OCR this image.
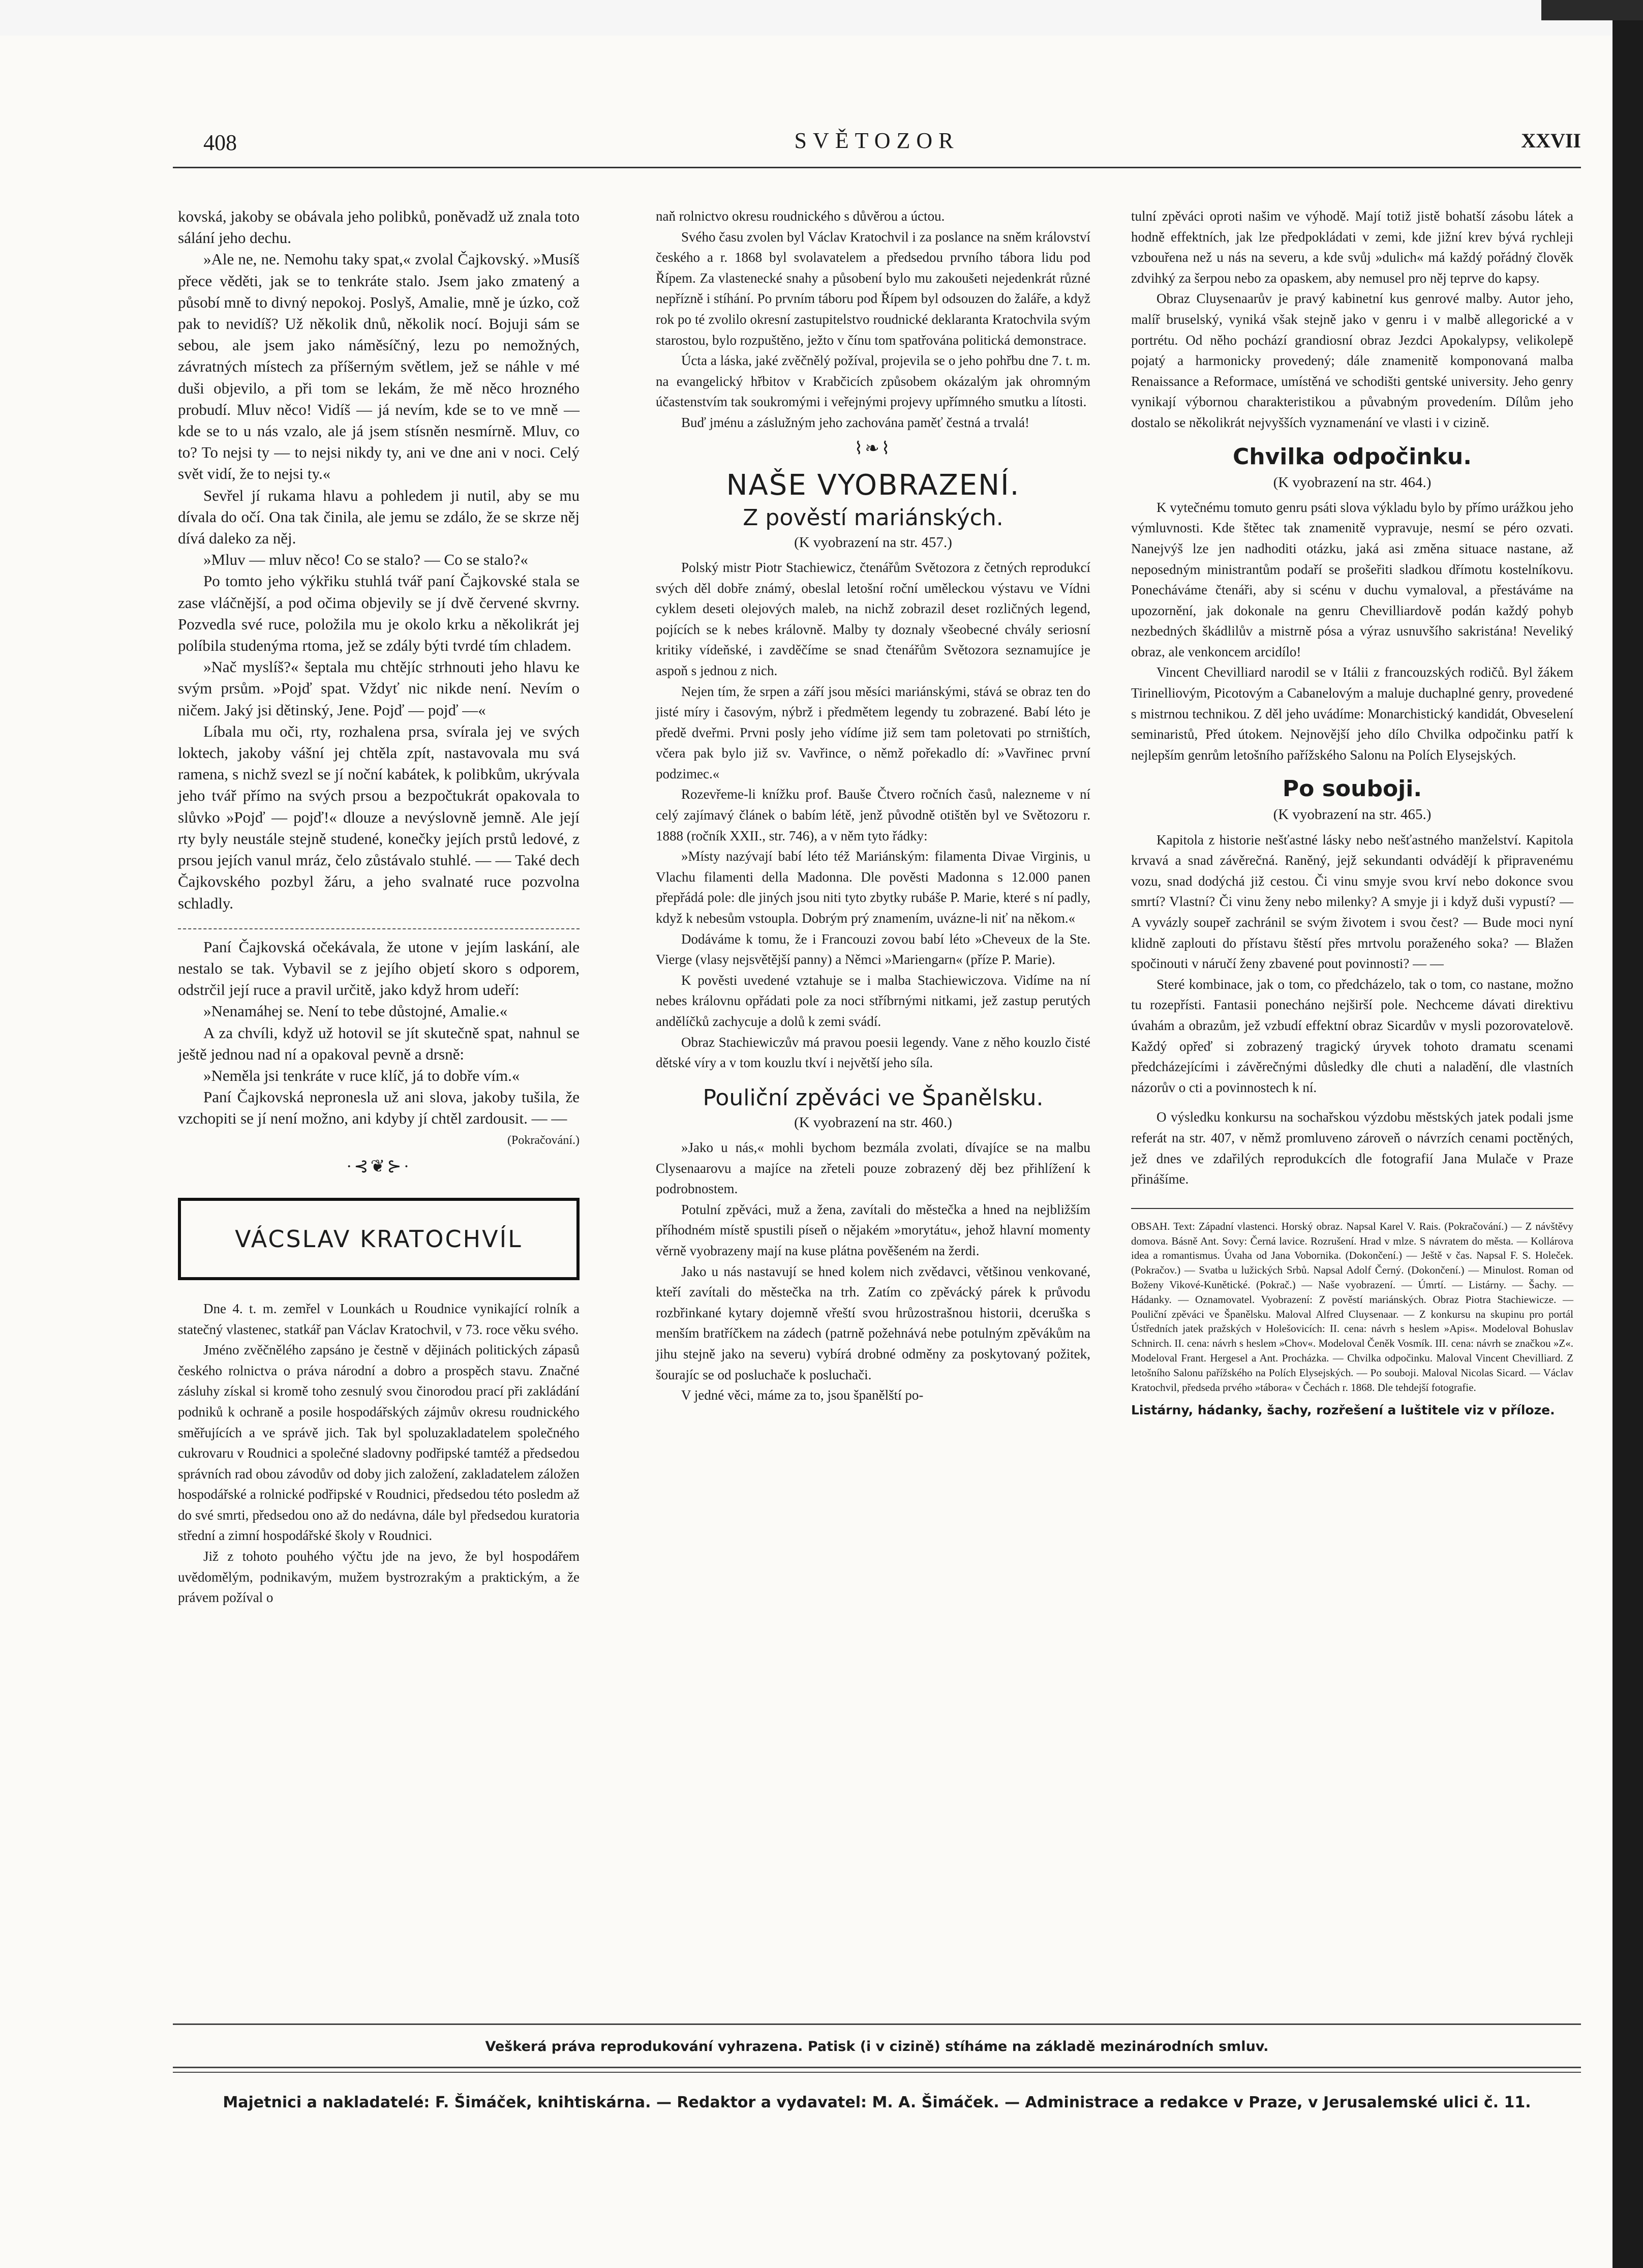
408	SVĚTOZOR	XXVII

kovská, jakoby se obávala jeho polibků, poněvadž už znala toto sálání jeho dechu.

»Ale ne, ne. Nemohu taky spat,« zvolal Čajkovský. »Musíš přece věděti, jak se to tenkráte stalo. Jsem jako zmatený a působí mně to divný nepokoj. Poslyš, Amalie, mně je úzko, což pak to nevidíš? Už několik dnů, několik nocí. Bojuji sám se sebou, ale jsem jako náměsíčný, lezu po nemožných, závratných místech za příšerným světlem, jež se náhle v mé duši objevilo, a při tom se lekám, že mě něco hrozného probudí. Mluv něco! Vidíš — já nevím, kde se to ve mně — kde se to u nás vzalo, ale já jsem stísněn nesmírně. Mluv, co to? To nejsi ty — to nejsi nikdy ty, ani ve dne ani v noci. Celý svět vidí, že to nejsi ty.«

Sevřel jí rukama hlavu a pohledem ji nutil, aby se mu dívala do očí. Ona tak činila, ale jemu se zdálo, že se skrze něj dívá daleko za něj.

»Mluv — mluv něco! Co se stalo? — Co se stalo?«

Po tomto jeho výkřiku stuhlá tvář paní Čajkovské stala se zase vláčnější, a pod očima objevily se jí dvě červené skvrny. Pozvedla své ruce, položila mu je okolo krku a několikrát jej políbila studenýma rtoma, jež se zdály býti tvrdé tím chladem.

»Nač myslíš?« šeptala mu chtějíc strhnouti jeho hlavu ke svým prsům. »Pojď spat. Vždyť nic nikde není. Nevím o ničem. Jaký jsi dětinský, Jene. Pojď — pojď —«

Líbala mu oči, rty, rozhalena prsa, svírala jej ve svých loktech, jakoby vášní jej chtěla zpít, nastavovala mu svá ramena, s nichž svezl se jí noční kabátek, k polibkům, ukrývala jeho tvář přímo na svých prsou a bezpočtukrát opakovala to slůvko »Pojď — pojď!« dlouze a nevýslovně jemně. Ale její rty byly neustále stejně studené, konečky jejích prstů ledové, z prsou jejích vanul mráz, čelo zůstávalo stuhlé. — — Také dech Čajkovského pozbyl žáru, a jeho svalnaté ruce pozvolna schladly.

Paní Čajkovská očekávala, že utone v jejím laskání, ale nestalo se tak. Vybavil se z jejího objetí skoro s odporem, odstrčil její ruce a pravil určitě, jako když hrom udeří:

»Nenamáhej se. Není to tebe důstojné, Amalie.«

A za chvíli, když už hotovil se jít skutečně spat, nahnul se ještě jednou nad ní a opakoval pevně a drsně:

»Neměla jsi tenkráte v ruce klíč, já to dobře vím.«

Paní Čajkovská nepronesla už ani slova, jakoby tušila, že vzchopiti se jí není možno, ani kdyby jí chtěl zardousit. — —

(Pokračování.)
·⊰❦⊱·
VÁCSLAV KRATOCHVÍL

Dne 4. t. m. zemřel v Lounkách u Roudnice vynikající rolník a statečný vlastenec, statkář pan Václav Kratochvil, v 73. roce věku svého.

Jméno zvěčnělého zapsáno je čestně v dějinách politických zápasů českého rolnictva o práva národní a dobro a prospěch stavu. Značné zásluhy získal si kromě toho zesnulý svou činorodou prací při zakládání podniků k ochraně a posile hospodářských zájmův okresu roudnického směřujících a ve správě jich. Tak byl spoluzakladatelem společného cukrovaru v Roudnici a společné sladovny podřipské tamtéž a předsedou správních rad obou závodův od doby jich založení, zakladatelem záložen hospodářské a rolnické podřipské v Roudnici, předsedou této posledm až do své smrti, předsedou ono až do nedávna, dále byl předsedou kuratoria střední a zimní hospodářské školy v Roudnici.

Již z tohoto pouhého výčtu jde na jevo, že byl hospodářem uvědomělým, podnikavým, mužem bystrozrakým a praktickým, a že právem požíval o

naň rolnictvo okresu roudnického s důvěrou a úctou.

Svého času zvolen byl Václav Kratochvil i za poslance na sněm království českého a r. 1868 byl svolavatelem a předsedou prvního tábora lidu pod Řípem. Za vlastenecké snahy a působení bylo mu zakoušeti nejedenkrát různé nepřízně i stíhání. Po prvním táboru pod Řípem byl odsouzen do žaláře, a když rok po té zvolilo okresní zastupitelstvo roudnické deklaranta Kratochvila svým starostou, bylo rozpuštěno, ježto v čínu tom spatřována politická demonstrace.

Úcta a láska, jaké zvěčnělý požíval, projevila se o jeho pohřbu dne 7. t. m. na evangelický hřbitov v Krabčicích způsobem okázalým jak ohromným účastenstvím tak soukromými i veřejnými projevy upřímného smutku a lítosti.

Buď jménu a záslužným jeho zachována paměť čestná a trvalá!

⌇❧⌇
NAŠE VYOBRAZENÍ.
Z pověstí mariánských.
(K vyobrazení na str. 457.)

Polský mistr Piotr Stachiewicz, čtenářům Světozora z četných reprodukcí svých děl dobře známý, obeslal letošní roční uměleckou výstavu ve Vídni cyklem deseti olejových maleb, na nichž zobrazil deset rozličných legend, pojících se k nebes královně. Malby ty doznaly všeobecné chvály seriosní kritiky vídeňské, i zavděčíme se snad čtenářům Světozora seznamujíce je aspoň s jednou z nich.

Nejen tím, že srpen a září jsou měsíci mariánskými, stává se obraz ten do jisté míry i časovým, nýbrž i předmětem legendy tu zobrazené. Babí léto je předě dveřmi. Prvni posly jeho vídíme již sem tam poletovati po strništích, včera pak bylo již sv. Vavřince, o němž pořekadlo dí: »Vavřinec první podzimec.«

Rozevřeme-li knížku prof. Bauše Čtvero ročních časů, nalezneme v ní celý zajímavý článek o babím létě, jenž původně otištěn byl ve Světozoru r. 1888 (ročník XXII., str. 746), a v něm tyto řádky:

»Místy nazývají babí léto též Mariánským: filamenta Divae Virginis, u Vlachu filamenti della Madonna. Dle pověsti Madonna s 12.000 panen přepřádá pole: dle jiných jsou niti tyto zbytky rubáše P. Marie, které s ní padly, když k nebesům vstoupla. Dobrým prý znamením, uvázne-li niť na někom.«

Dodáváme k tomu, že i Francouzi zovou babí léto »Cheveux de la Ste. Vierge (vlasy nejsvětější panny) a Němci »Mariengarn« (příze P. Marie).

K pověsti uvedené vztahuje se i malba Stachiewiczova. Vidíme na ní nebes královnu opřádati pole za noci stříbrnými nitkami, jež zastup perutých andělíčků zachycuje a dolů k zemi svádí.

Obraz Stachiewiczův má pravou poesii legendy. Vane z něho kouzlo čisté dětské víry a v tom kouzlu tkví i největší jeho síla.

Pouliční zpěváci ve Španělsku.
(K vyobrazení na str. 460.)

»Jako u nás,« mohli bychom bezmála zvolati, dívajíce se na malbu Clysenaarovu a majíce na zřeteli pouze zobrazený děj bez přihlížení k podrobnostem.

Potulní zpěváci, muž a žena, zavítali do městečka a hned na nejbližším příhodném místě spustili píseň o nějakém »morytátu«, jehož hlavní momenty věrně vyobrazeny mají na kuse plátna pověšeném na žerdi.

Jako u nás nastavují se hned kolem nich zvědavci, většinou venkované, kteří zavítali do městečka na trh. Zatím co zpěvácký párek k průvodu rozbřinkané kytary dojemně vřeští svou hrůzostrašnou historii, dceruška s menším bratříčkem na zádech (patrně požehnává nebe potulným zpěvákům na jihu stejně jako na severu) vybírá drobné odměny za poskytovaný požitek, šourajíc se od posluchače k posluchači.

V jedné věci, máme za to, jsou španělští po-

tulní zpěváci oproti našim ve výhodě. Mají totiž jistě bohatší zásobu látek a hodně effektních, jak lze předpokládati v zemi, kde jižní krev bývá rychleji vzbouřena než u nás na severu, a kde svůj »dulich« má každý pořádný člověk zdvihký za šerpou nebo za opaskem, aby nemusel pro něj teprve do kapsy.

Obraz Cluysenaarův je pravý kabinetní kus genrové malby. Autor jeho, malíř bruselský, vyniká však stejně jako v genru i v malbě allegorické a v portrétu. Od něho pochází grandiosní obraz Jezdci Apokalypsy, velikolepě pojatý a harmonicky provedený; dále znamenitě komponovaná malba Renaissance a Reformace, umístěná ve schodišti gentské university. Jeho genry vynikají výbornou charakteristikou a půvabným provedením. Dílům jeho dostalo se několikrát nejvyšších vyznamenání ve vlasti i v cizině.

Chvilka odpočinku.
(K vyobrazení na str. 464.)

K vytečnému tomuto genru psáti slova výkladu bylo by přímo urážkou jeho výmluvnosti. Kde štětec tak znamenitě vypravuje, nesmí se péro ozvati. Nanejvýš lze jen nadhoditi otázku, jaká asi změna situace nastane, až neposedným ministrantům podaří se prošeřiti sladkou dřímotu kostelníkovu. Ponecháváme čtenáři, aby si scénu v duchu vymaloval, a přestáváme na upozornění, jak dokonale na genru Chevilliardově podán každý pohyb nezbedných škádlilův a mistrně pósa a výraz usnuvšího sakristána! Neveliký obraz, ale venkoncem arcidílo!

Vincent Chevilliard narodil se v Itálii z francouzských rodičů. Byl žákem Tirinelliovým, Picotovým a Cabanelovým a maluje duchaplné genry, provedené s mistrnou technikou. Z děl jeho uvádíme: Monarchistický kandidát, Obveselení seminaristů, Před útokem. Nejnovější jeho dílo Chvilka odpočinku patří k nejlepším genrům letošního pařížského Salonu na Polích Elysejských.

Po souboji.
(K vyobrazení na str. 465.)

Kapitola z historie nešťastné lásky nebo nešťastného manželství. Kapitola krvavá a snad závěrečná. Raněný, jejž sekundanti odvádějí k připravenému vozu, snad dodýchá již cestou. Či vinu smyje svou krví nebo dokonce svou smrtí? Vlastní? Či vinu ženy nebo milenky? A smyje ji i když duši vypustí? — A vyvázly soupeř zachránil se svým životem i svou čest? — Bude moci nyní klidně zaplouti do přístavu štěstí přes mrtvolu poraženého soka? — Blažen spočinouti v náručí ženy zbavené pout povinnosti? — —

Steré kombinace, jak o tom, co předcházelo, tak o tom, co nastane, možno tu rozepřísti. Fantasii ponecháno nejširší pole. Nechceme dávati direktivu úvahám a obrazům, jež vzbudí effektní obraz Sicardův v mysli pozorovatelově. Každý opřeď si zobrazený tragický úryvek tohoto dramatu scenami předcházejícími i závěrečnými důsledky dle chuti a naladění, dle vlastních názorův o cti a povinnostech k ní.

O výsledku konkursu na sochařskou výzdobu městských jatek podali jsme referát na str. 407, v němž promluveno zároveň o návrzích cenami poctěných, jež dnes ve zdařilých reprodukcích dle fotografií Jana Mulače v Praze přinášíme.

OBSAH. Text: Západní vlastenci. Horský obraz. Napsal Karel V. Rais. (Pokračování.) — Z návštěvy domova. Básně Ant. Sovy: Černá lavice. Rozrušení. Hrad v mlze. S návratem do města. — Kollárova idea a romantismus. Úvaha od Jana Vobornika. (Dokončení.) — Ještě v čas. Napsal F. S. Holeček. (Pokračov.) — Svatba u lužických Srbů. Napsal Adolf Černý. (Dokončení.) — Minulost. Roman od Boženy Vikové-Kunětické. (Pokrač.) — Naše vyobrazení. — Úmrtí. — Listárny. — Šachy. — Hádanky. — Oznamovatel. Vyobrazení: Z pověstí mariánských. Obraz Piotra Stachiewicze. — Pouliční zpěváci ve Španělsku. Maloval Alfred Cluysenaar. — Z konkursu na skupinu pro portál Ústředních jatek pražských v Holešovicích: II. cena: návrh s heslem »Apis«. Modeloval Bohuslav Schnirch. II. cena: návrh s heslem »Chov«. Modeloval Čeněk Vosmík. III. cena: návrh se značkou »Z«. Modeloval Frant. Hergesel a Ant. Procházka. — Chvilka odpočinku. Maloval Vincent Chevilliard. Z letošního Salonu pařížského na Polích Elysejských. — Po souboji. Maloval Nicolas Sicard. — Václav Kratochvil, předseda prvého »tábora« v Čechách r. 1868. Dle tehdejší fotografie.
Listárny, hádanky, šachy, rozřešení a luštitele viz v příloze.
Veškerá práva reprodukování vyhrazena. Patisk (i v cizině) stíháme na základě mezinárodních smluv.
Majetnici a nakladatelé: F. Šimáček, knihtiskárna. — Redaktor a vydavatel: M. A. Šimáček. — Administrace a redakce v Praze, v Jerusalemské ulici č. 11.
